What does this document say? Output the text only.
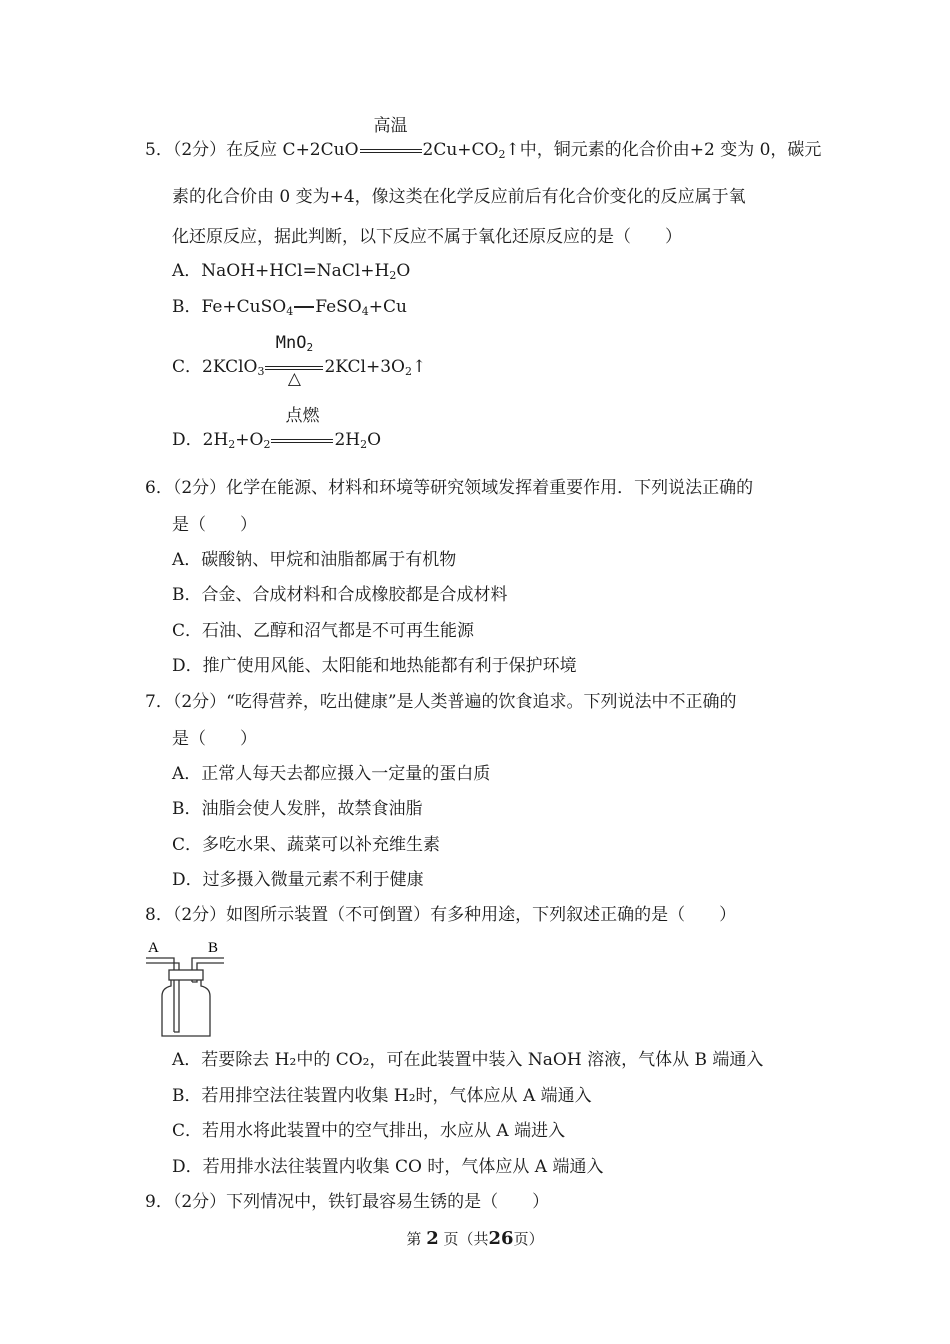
5．（2分）在反应 C+2CuO
高温
$2Cu+CO_2↑$中，铜元素的化合价由+2 变为 0，碳元
素的化合价由 0 变为+4，像这类在化学反应前后有化合价变化的反应属于氧
化还原反应，据此判断，以下反应不属于氧化还原反应的是（　　）
A．$NaOH+HCl=NaCl+H_2O$
B．Fe+CuSO$_4$ FeSO$_4$+Cu
C．2KClO$_3$
MnO$_2$
△
$2KCl+3O_2↑$
D．$2H_2+O_2$
点燃
$2H_2O$
6．（2分）化学在能源、材料和环境等研究领域发挥着重要作用．下列说法正确的
是（　　）
A．碳酸钠、甲烷和油脂都属于有机物
B．合金、合成材料和合成橡胶都是合成材料
C．石油、乙醇和沼气都是不可再生能源
D．推广使用风能、太阳能和地热能都有利于保护环境
7．（2分）“吃得营养，吃出健康”是人类普遍的饮食追求。下列说法中不正确的
是（　　）
A．正常人每天去都应摄入一定量的蛋白质
B．油脂会使人发胖，故禁食油脂
C．多吃水果、蔬菜可以补充维生素
D．过多摄入微量元素不利于健康
8．（2分）如图所示装置（不可倒置）有多种用途，下列叙述正确的是（　　）
A	B
A．若要除去 H₂中的 CO₂，可在此装置中装入 NaOH 溶液，气体从 B 端通入
B．若用排空法往装置内收集 H₂时，气体应从 A 端通入
C．若用水将此装置中的空气排出，水应从 A 端进入
D．若用排水法往装置内收集 CO 时，气体应从 A 端通入
9．（2分）下列情况中，铁钉最容易生锈的是（　　）
第 2 页（共26页）
